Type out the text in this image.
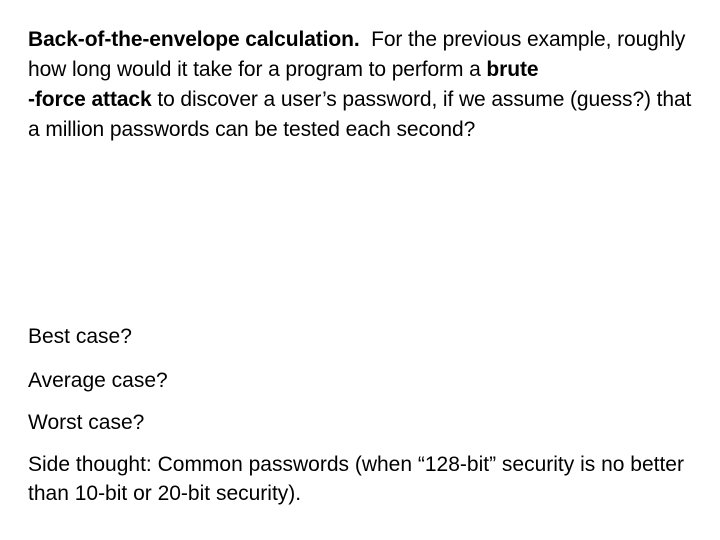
Back-of-the-envelope calculation. For the previous example, roughly how long would it take for a program to perform a brute
-force attack to discover a user’s password, if we assume (guess?) that a million passwords can be tested each second?
Best case?
Average case?
Worst case?
Side thought: Common passwords (when “128-bit” security is no better than 10-bit or 20-bit security).
